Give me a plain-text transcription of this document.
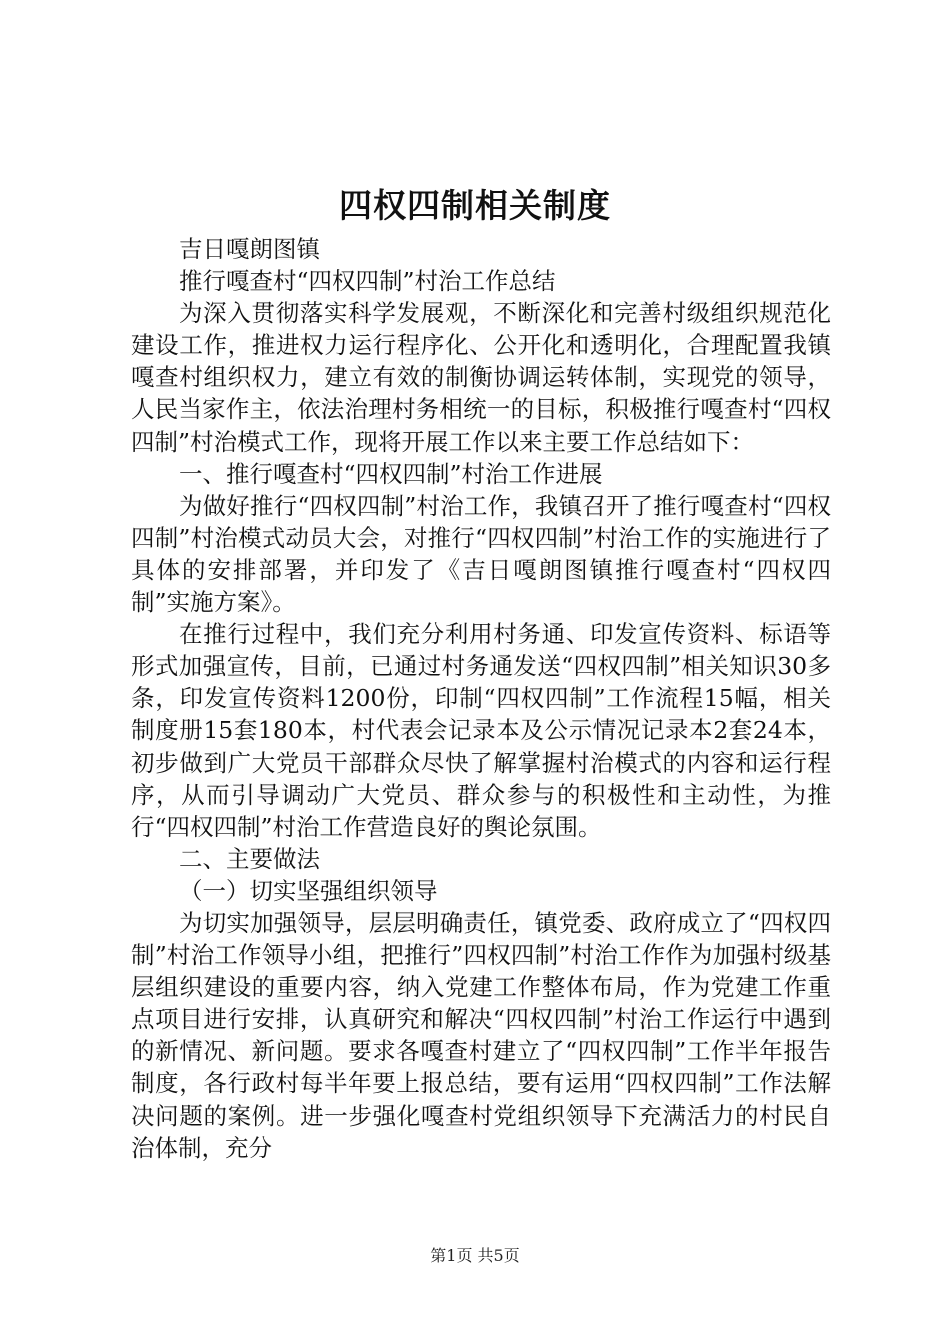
四权四制相关制度

吉日嘎朗图镇

推行嘎查村“四权四制”村治工作总结

为深入贯彻落实科学发展观，不断深化和完善村级组织规范化建设工作，推进权力运行程序化、公开化和透明化，合理配置我镇嘎查村组织权力，建立有效的制衡协调运转体制，实现党的领导，人民当家作主，依法治理村务相统一的目标，积极推行嘎查村“四权四制”村治模式工作，现将开展工作以来主要工作总结如下：

一、推行嘎查村“四权四制”村治工作进展

为做好推行“四权四制”村治工作，我镇召开了推行嘎查村“四权四制”村治模式动员大会，对推行“四权四制”村治工作的实施进行了具体的安排部署，并印发了《吉日嘎朗图镇推行嘎查村“四权四制”实施方案》。

在推行过程中，我们充分利用村务通、印发宣传资料、标语等形式加强宣传，目前，已通过村务通发送“四权四制”相关知识30多条，印发宣传资料1200份，印制“四权四制”工作流程15幅，相关制度册15套180本，村代表会记录本及公示情况记录本2套24本，初步做到广大党员干部群众尽快了解掌握村治模式的内容和运行程序，从而引导调动广大党员、群众参与的积极性和主动性，为推行“四权四制”村治工作营造良好的舆论氛围。

二、主要做法

（一）切实坚强组织领导

为切实加强领导，层层明确责任，镇党委、政府成立了“四权四制”村治工作领导小组，把推行”四权四制”村治工作作为加强村级基层组织建设的重要内容，纳入党建工作整体布局，作为党建工作重点项目进行安排，认真研究和解决“四权四制”村治工作运行中遇到的新情况、新问题。要求各嘎查村建立了“四权四制”工作半年报告制度，各行政村每半年要上报总结，要有运用“四权四制”工作法解决问题的案例。进一步强化嘎查村党组织领导下充满活力的村民自治体制，充分

第1页 共5页
